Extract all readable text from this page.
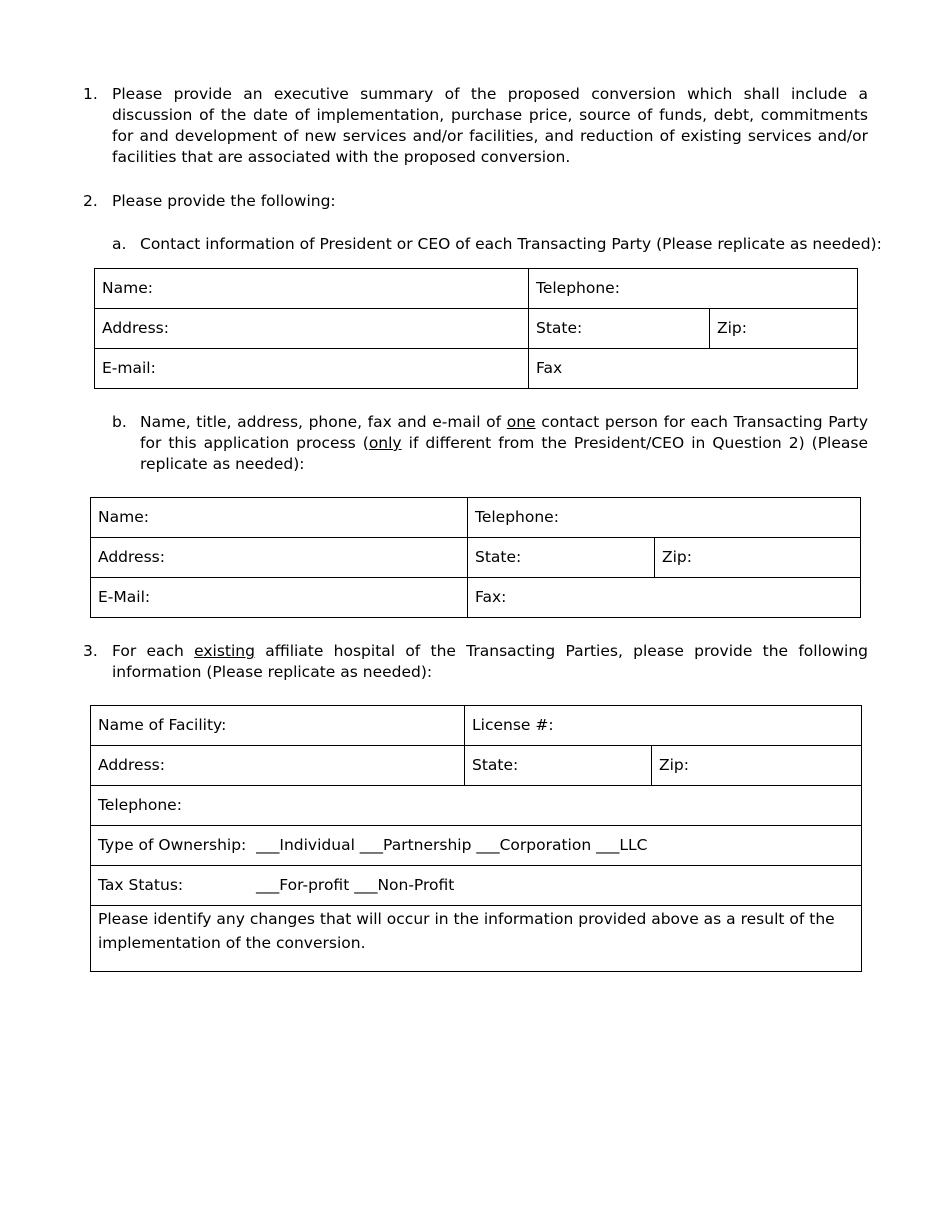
1. Please provide an executive summary of the proposed conversion which shall include a discussion of the date of implementation, purchase price, source of funds, debt, commitments for and development of new services and/or facilities, and reduction of existing services and/or facilities that are associated with the proposed conversion.
2. Please provide the following:
a. Contact information of President or CEO of each Transacting Party (Please replicate as needed):
Name:	Telephone:	
Address:	State:	Zip:
E-mail:	Fax	
b. Name, title, address, phone, fax and e-mail of one contact person for each Transacting Party for this application process (only if different from the President/CEO in Question 2) (Please replicate as needed):
Name:	Telephone:	
Address:	State:	Zip:
E-Mail:	Fax:	
3. For each existing affiliate hospital of the Transacting Parties, please provide the following information (Please replicate as needed):
Name of Facility:	License #:	
Address:	State:	Zip:
Telephone:		
Type of Ownership: ___Individual ___Partnership ___Corporation ___LLC		
Tax Status: ___For-profit ___Non-Profit		
Please identify any changes that will occur in the information provided above as a result of the implementation of the conversion.		
